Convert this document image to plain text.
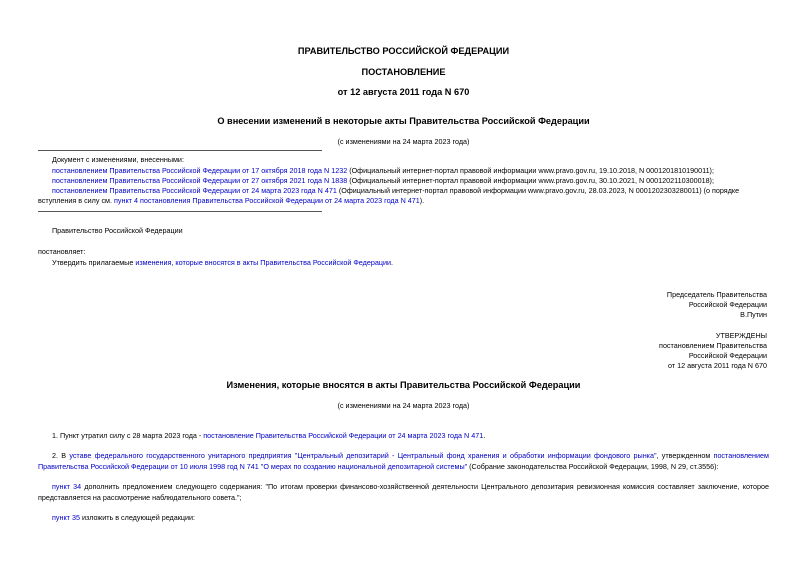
ПРАВИТЕЛЬСТВО РОССИЙСКОЙ ФЕДЕРАЦИИ
ПОСТАНОВЛЕНИЕ
от 12 августа 2011 года N 670
О внесении изменений в некоторые акты Правительства Российской Федерации
(с изменениями на 24 марта 2023 года)
Документ с изменениями, внесенными:
постановлением Правительства Российской Федерации от 17 октября 2018 года N 1232 (Официальный интернет-портал правовой информации www.pravo.gov.ru, 19.10.2018, N 0001201810190011);
постановлением Правительства Российской Федерации от 27 октября 2021 года N 1838 (Официальный интернет-портал правовой информации www.pravo.gov.ru, 30.10.2021, N 0001202110300018);
постановлением Правительства Российской Федерации от 24 марта 2023 года N 471 (Официальный интернет-портал правовой информации www.pravo.gov.ru, 28.03.2023, N 0001202303280011) (о порядке
вступления в силу см. пункт 4 постановления Правительства Российской Федерации от 24 марта 2023 года N 471).
Правительство Российской Федерации
постановляет:
Утвердить прилагаемые изменения, которые вносятся в акты Правительства Российской Федерации.
Председатель Правительства
Российской Федерации
В.Путин
УТВЕРЖДЕНЫ
постановлением Правительства
Российской Федерации
от 12 августа 2011 года N 670
Изменения, которые вносятся в акты Правительства Российской Федерации
(с изменениями на 24 марта 2023 года)
1. Пункт утратил силу с 28 марта 2023 года - постановление Правительства Российской Федерации от 24 марта 2023 года N 471.
2. В уставе федерального государственного унитарного предприятия "Центральный депозитарий - Центральный фонд хранения и обработки информации фондового рынка", утвержденном постановлением Правительства Российской Федерации от 10 июля 1998 год N 741 "О мерах по созданию национальной депозитарной системы" (Собрание законодательства Российской Федерации, 1998, N 29, ст.3556):
пункт 34 дополнить предложением следующего содержания: "По итогам проверки финансово-хозяйственной деятельности Центрального депозитария ревизионная комиссия составляет заключение, которое представляется на рассмотрение наблюдательного совета.";
пункт 35 изложить в следующей редакции:
